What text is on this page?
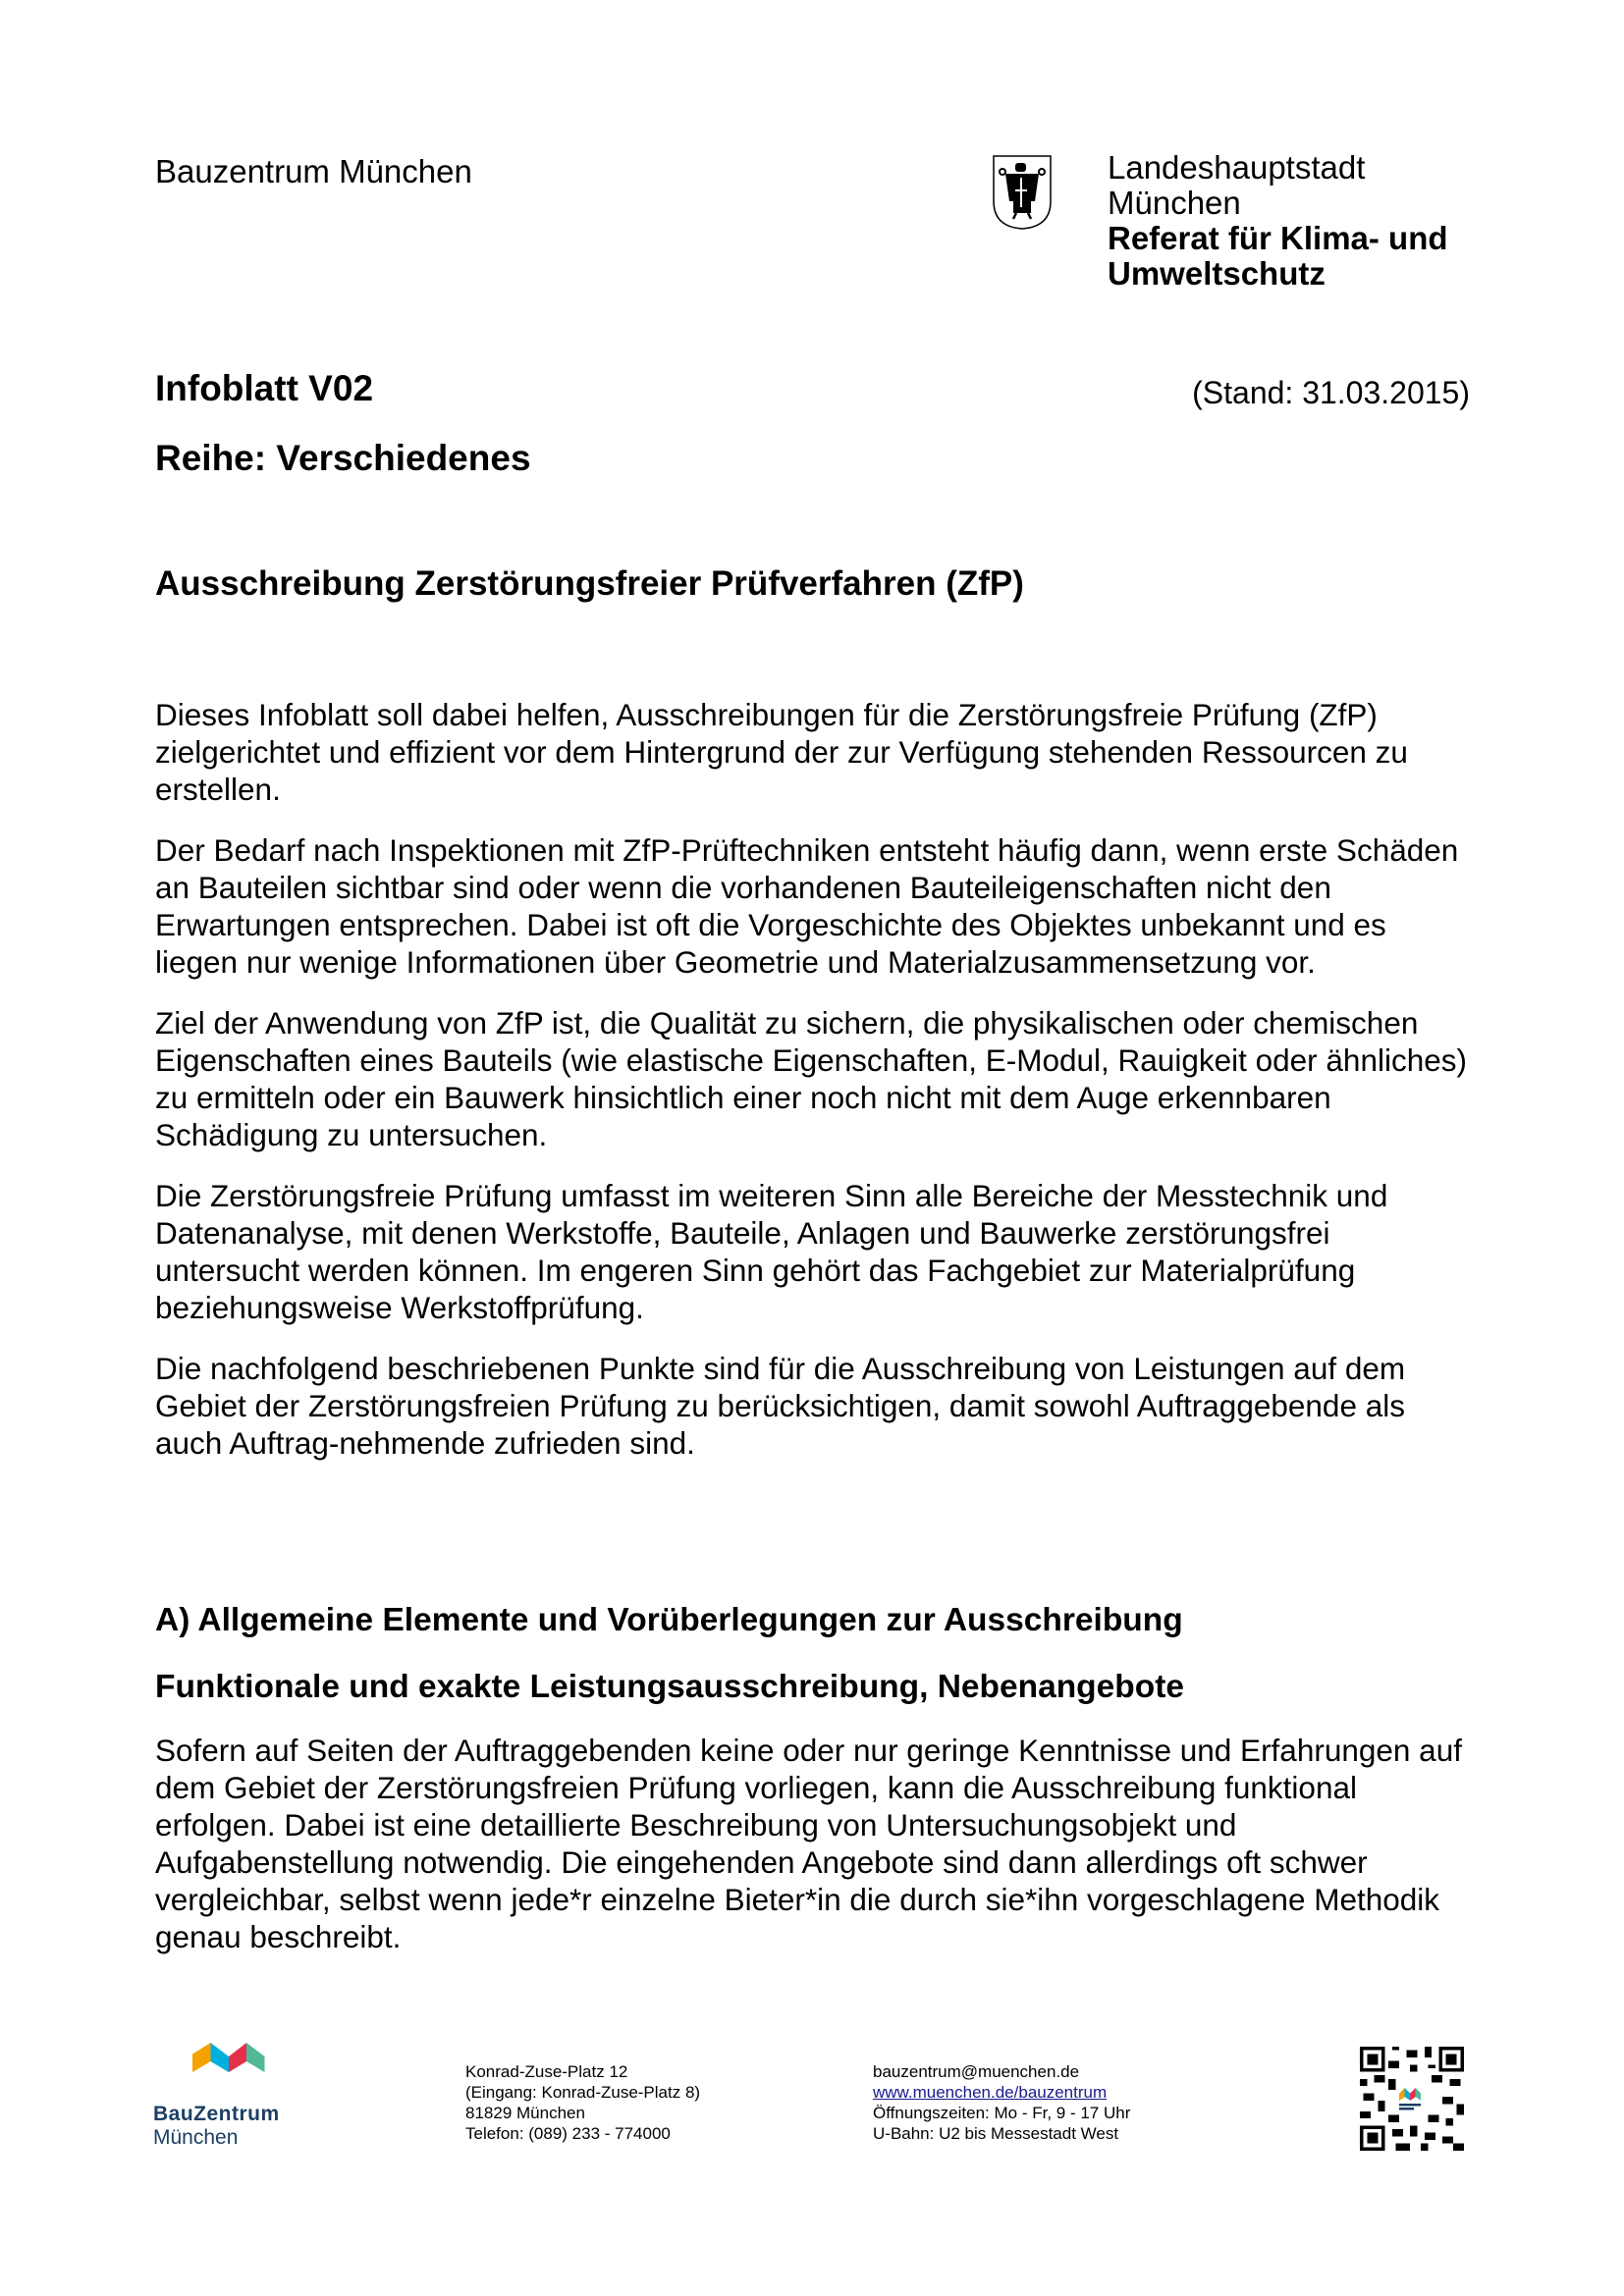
Bauzentrum München	Landeshauptstadt
München
Referat für Klima- und
Umweltschutz
Infoblatt V02	(Stand: 31.03.2015)
Reihe: Verschiedenes
Ausschreibung Zerstörungsfreier Prüfverfahren (ZfP)

Dieses Infoblatt soll dabei helfen, Ausschreibungen für die Zerstörungsfreie Prüfung (ZfP) zielgerichtet und effizient vor dem Hintergrund der zur Verfügung stehenden Ressourcen zu erstellen.

Der Bedarf nach Inspektionen mit ZfP-Prüftechniken entsteht häufig dann, wenn erste Schäden an Bauteilen sichtbar sind oder wenn die vorhandenen Bauteileigenschaften nicht den Erwartungen entsprechen. Dabei ist oft die Vorgeschichte des Objektes unbekannt und es liegen nur wenige Informationen über Geometrie und Materialzusammensetzung vor.

Ziel der Anwendung von ZfP ist, die Qualität zu sichern, die physikalischen oder chemischen Eigenschaften eines Bauteils (wie elastische Eigenschaften, E-Modul, Rauigkeit oder ähnliches) zu ermitteln oder ein Bauwerk hinsichtlich einer noch nicht mit dem Auge erkennbaren Schädigung zu untersuchen.

Die Zerstörungsfreie Prüfung umfasst im weiteren Sinn alle Bereiche der Messtechnik und Datenanalyse, mit denen Werkstoffe, Bauteile, Anlagen und Bauwerke zerstörungsfrei untersucht werden können. Im engeren Sinn gehört das Fachgebiet zur Materialprüfung beziehungsweise Werkstoffprüfung.

Die nachfolgend beschriebenen Punkte sind für die Ausschreibung von Leistungen auf dem Gebiet der Zerstörungsfreien Prüfung zu berücksichtigen, damit sowohl Auftraggebende als auch Auftrag-nehmende zufrieden sind.

A) Allgemeine Elemente und Vorüberlegungen zur Ausschreibung
Funktionale und exakte Leistungsausschreibung, Nebenangebote

Sofern auf Seiten der Auftraggebenden keine oder nur geringe Kenntnisse und Erfahrungen auf dem Gebiet der Zerstörungsfreien Prüfung vorliegen, kann die Ausschreibung funktional erfolgen. Dabei ist eine detaillierte Beschreibung von Untersuchungsobjekt und Aufgabenstellung notwendig. Die eingehenden Angebote sind dann allerdings oft schwer vergleichbar, selbst wenn jede*r einzelne Bieter*in die durch sie*ihn vorgeschlagene Methodik genau beschreibt.

BauZentrum
München
Konrad-Zuse-Platz 12
(Eingang: Konrad-Zuse-Platz 8)
81829 München
Telefon: (089) 233 - 774000
bauzentrum@muenchen.de
www.muenchen.de/bauzentrum
Öffnungszeiten: Mo - Fr, 9 - 17 Uhr
U-Bahn: U2 bis Messestadt West
